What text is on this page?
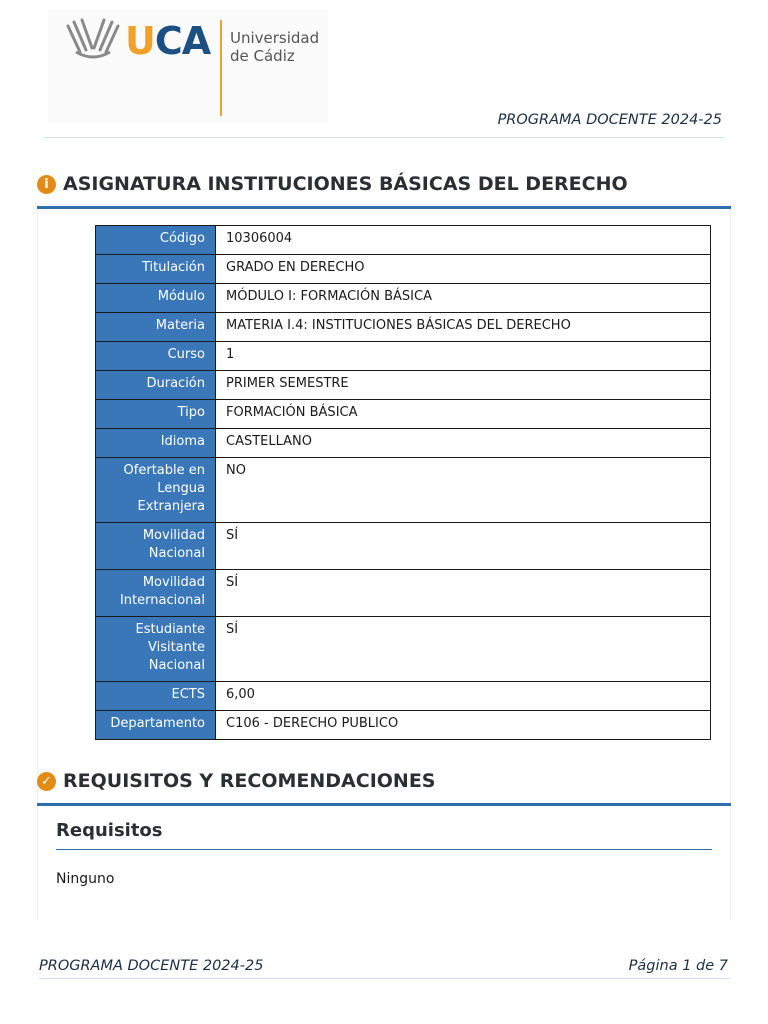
UCA Universidad
de Cádiz
PROGRAMA DOCENTE 2024-25
i ASIGNATURA INSTITUCIONES BÁSICAS DEL DERECHO
Código	10306004
Titulación	GRADO EN DERECHO
Módulo	MÓDULO I: FORMACIÓN BÁSICA
Materia	MATERIA I.4: INSTITUCIONES BÁSICAS DEL DERECHO
Curso	1
Duración	PRIMER SEMESTRE
Tipo	FORMACIÓN BÁSICA
Idioma	CASTELLANO
Ofertable en Lengua Extranjera	NO
Movilidad Nacional	SÍ
Movilidad Internacional	SÍ
Estudiante Visitante Nacional	SÍ
ECTS	6,00
Departamento	C106 - DERECHO PUBLICO
✓ REQUISITOS Y RECOMENDACIONES
Requisitos
Ninguno
PROGRAMA DOCENTE 2024-25	Página 1 de 7
